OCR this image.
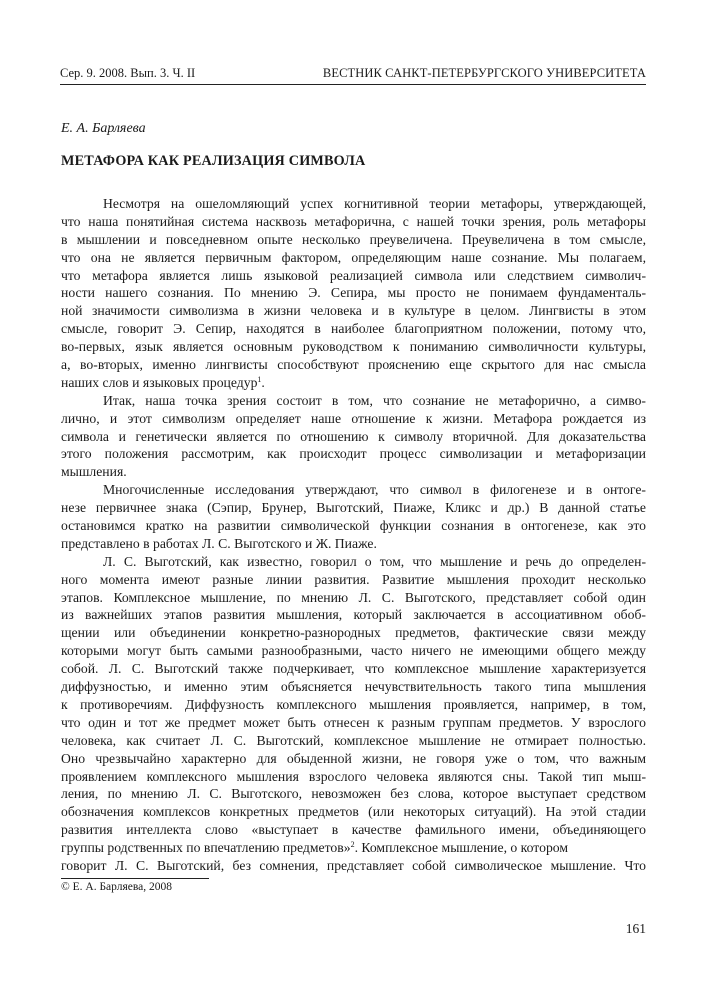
Сер. 9. 2008. Вып. 3. Ч. II	ВЕСТНИК САНКТ-ПЕТЕРБУРГСКОГО УНИВЕРСИТЕТА
Е. А. Барляева
МЕТАФОРА КАК РЕАЛИЗАЦИЯ СИМВОЛА
Несмотря на ошеломляющий успех когнитивной теории метафоры, утверждающей,
что наша понятийная система насквозь метафорична, с нашей точки зрения, роль метафоры
в мышлении и повседневном опыте несколько преувеличена. Преувеличена в том смысле,
что она не является первичным фактором, определяющим наше сознание. Мы полагаем,
что метафора является лишь языковой реализацией символа или следствием символич-
ности нашего сознания. По мнению Э. Сепира, мы просто не понимаем фундаменталь-
ной значимости символизма в жизни человека и в культуре в целом. Лингвисты в этом
смысле, говорит Э. Сепир, находятся в наиболее благоприятном положении, потому что,
во-первых, язык является основным руководством к пониманию символичности культуры,
а, во-вторых, именно лингвисты способствуют прояснению еще скрытого для нас смысла
наших слов и языковых процедур$^1$.
Итак, наша точка зрения состоит в том, что сознание не метафорично, а симво-
лично, и этот символизм определяет наше отношение к жизни. Метафора рождается из
символа и генетически является по отношению к символу вторичной. Для доказательства
этого положения рассмотрим, как происходит процесс символизации и метафоризации
мышления.
Многочисленные исследования утверждают, что символ в филогенезе и в онтоге-
незе первичнее знака (Сэпир, Брунер, Выготский, Пиаже, Кликс и др.) В данной статье
остановимся кратко на развитии символической функции сознания в онтогенезе, как это
представлено в работах Л. С. Выготского и Ж. Пиаже.
Л. С. Выготский, как известно, говорил о том, что мышление и речь до определен-
ного момента имеют разные линии развития. Развитие мышления проходит несколько
этапов. Комплексное мышление, по мнению Л. С. Выготского, представляет собой один
из важнейших этапов развития мышления, который заключается в ассоциативном обоб-
щении или объединении конкретно-разнородных предметов, фактические связи между
которыми могут быть самыми разнообразными, часто ничего не имеющими общего между
собой. Л. С. Выготский также подчеркивает, что комплексное мышление характеризуется
диффузностью, и именно этим объясняется нечувствительность такого типа мышления
к противоречиям. Диффузность комплексного мышления проявляется, например, в том,
что один и тот же предмет может быть отнесен к разным группам предметов. У взрослого
человека, как считает Л. С. Выготский, комплексное мышление не отмирает полностью.
Оно чрезвычайно характерно для обыденной жизни, не говоря уже о том, что важным
проявлением комплексного мышления взрослого человека являются сны. Такой тип мыш-
ления, по мнению Л. С. Выготского, невозможен без слова, которое выступает средством
обозначения комплексов конкретных предметов (или некоторых ситуаций). На этой стадии
развития интеллекта слово «выступает в качестве фамильного имени, объединяющего
группы родственных по впечатлению предметов»$^2$. Комплексное мышление, о котором
говорит Л. С. Выготский, без сомнения, представляет собой символическое мышление. Что
© Е. А. Барляева, 2008
161
